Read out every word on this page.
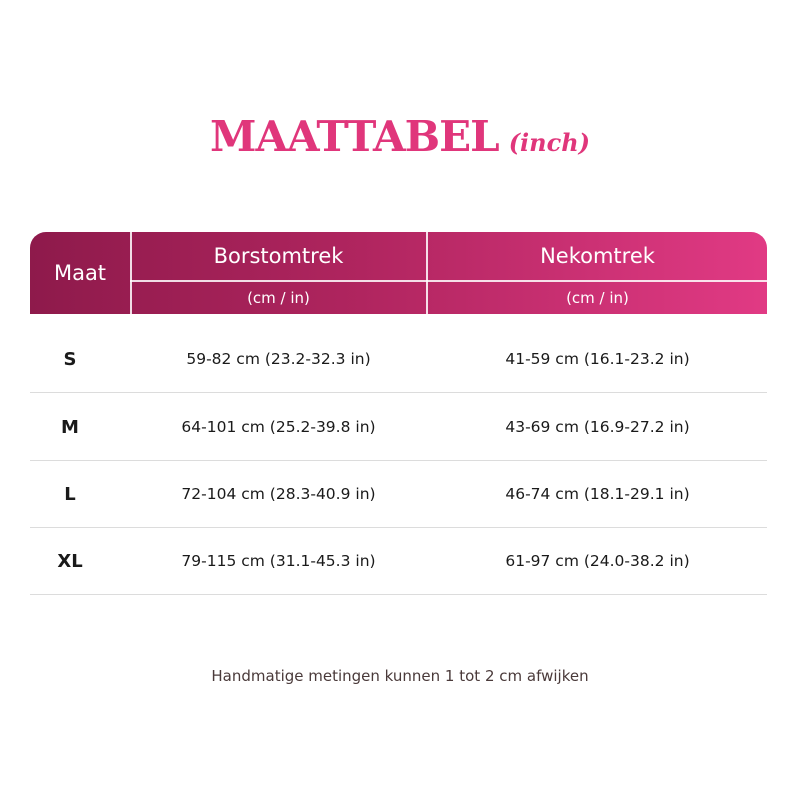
MAATTABEL (inch)
Maat
Borstomtrek	Nekomtrek
(cm / in)	(cm / in)
S	59-82 cm (23.2-32.3 in)	41-59 cm (16.1-23.2 in)
M	64-101 cm (25.2-39.8 in)	43-69 cm (16.9-27.2 in)
L	72-104 cm (28.3-40.9 in)	46-74 cm (18.1-29.1 in)
XL	79-115 cm (31.1-45.3 in)	61-97 cm (24.0-38.2 in)
Handmatige metingen kunnen 1 tot 2 cm afwijken
